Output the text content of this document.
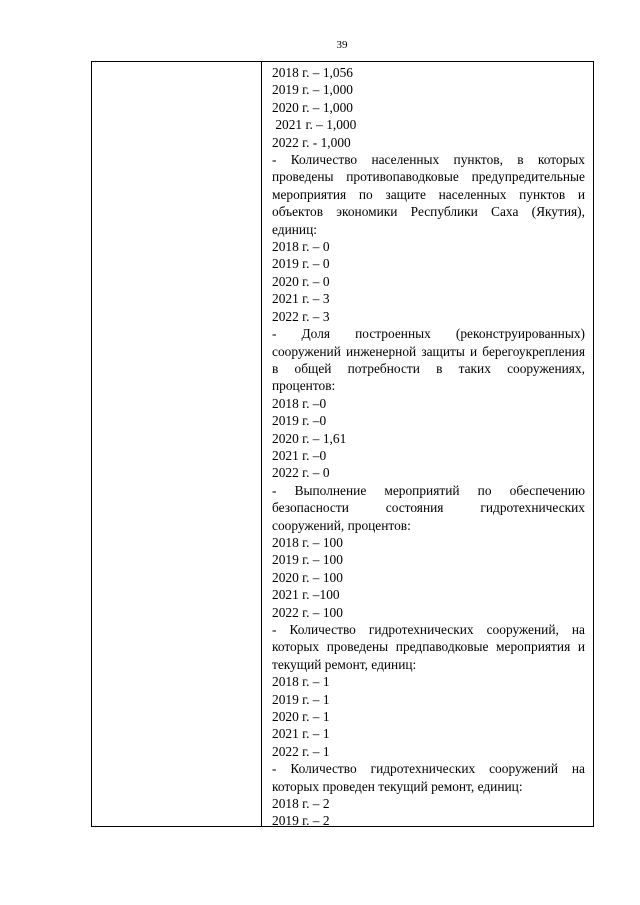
39
2018 г. – 1,056
2019 г. – 1,000
2020 г. – 1,000
2021 г. – 1,000
2022 г. - 1,000
- Количество населенных пунктов, в которых проведены противопаводковые предупредительные мероприятия по защите населенных пунктов и объектов экономики Республики Саха (Якутия), единиц:
2018 г. – 0
2019 г. – 0
2020 г. – 0
2021 г. – 3
2022 г. – 3
- Доля построенных (реконструированных) сооружений инженерной защиты и берегоукрепления в общей потребности в таких сооружениях, процентов:
2018 г. –0
2019 г. –0
2020 г. – 1,61
2021 г. –0
2022 г. – 0
- Выполнение мероприятий по обеспечению безопасности состояния гидротехнических сооружений, процентов:
2018 г. – 100
2019 г. – 100
2020 г. – 100
2021 г. –100
2022 г. – 100
- Количество гидротехнических сооружений, на которых проведены предпаводковые мероприятия и текущий ремонт, единиц:
2018 г. – 1
2019 г. – 1
2020 г. – 1
2021 г. – 1
2022 г. – 1
- Количество гидротехнических сооружений на которых проведен текущий ремонт, единиц:
2018 г. – 2
2019 г. – 2
